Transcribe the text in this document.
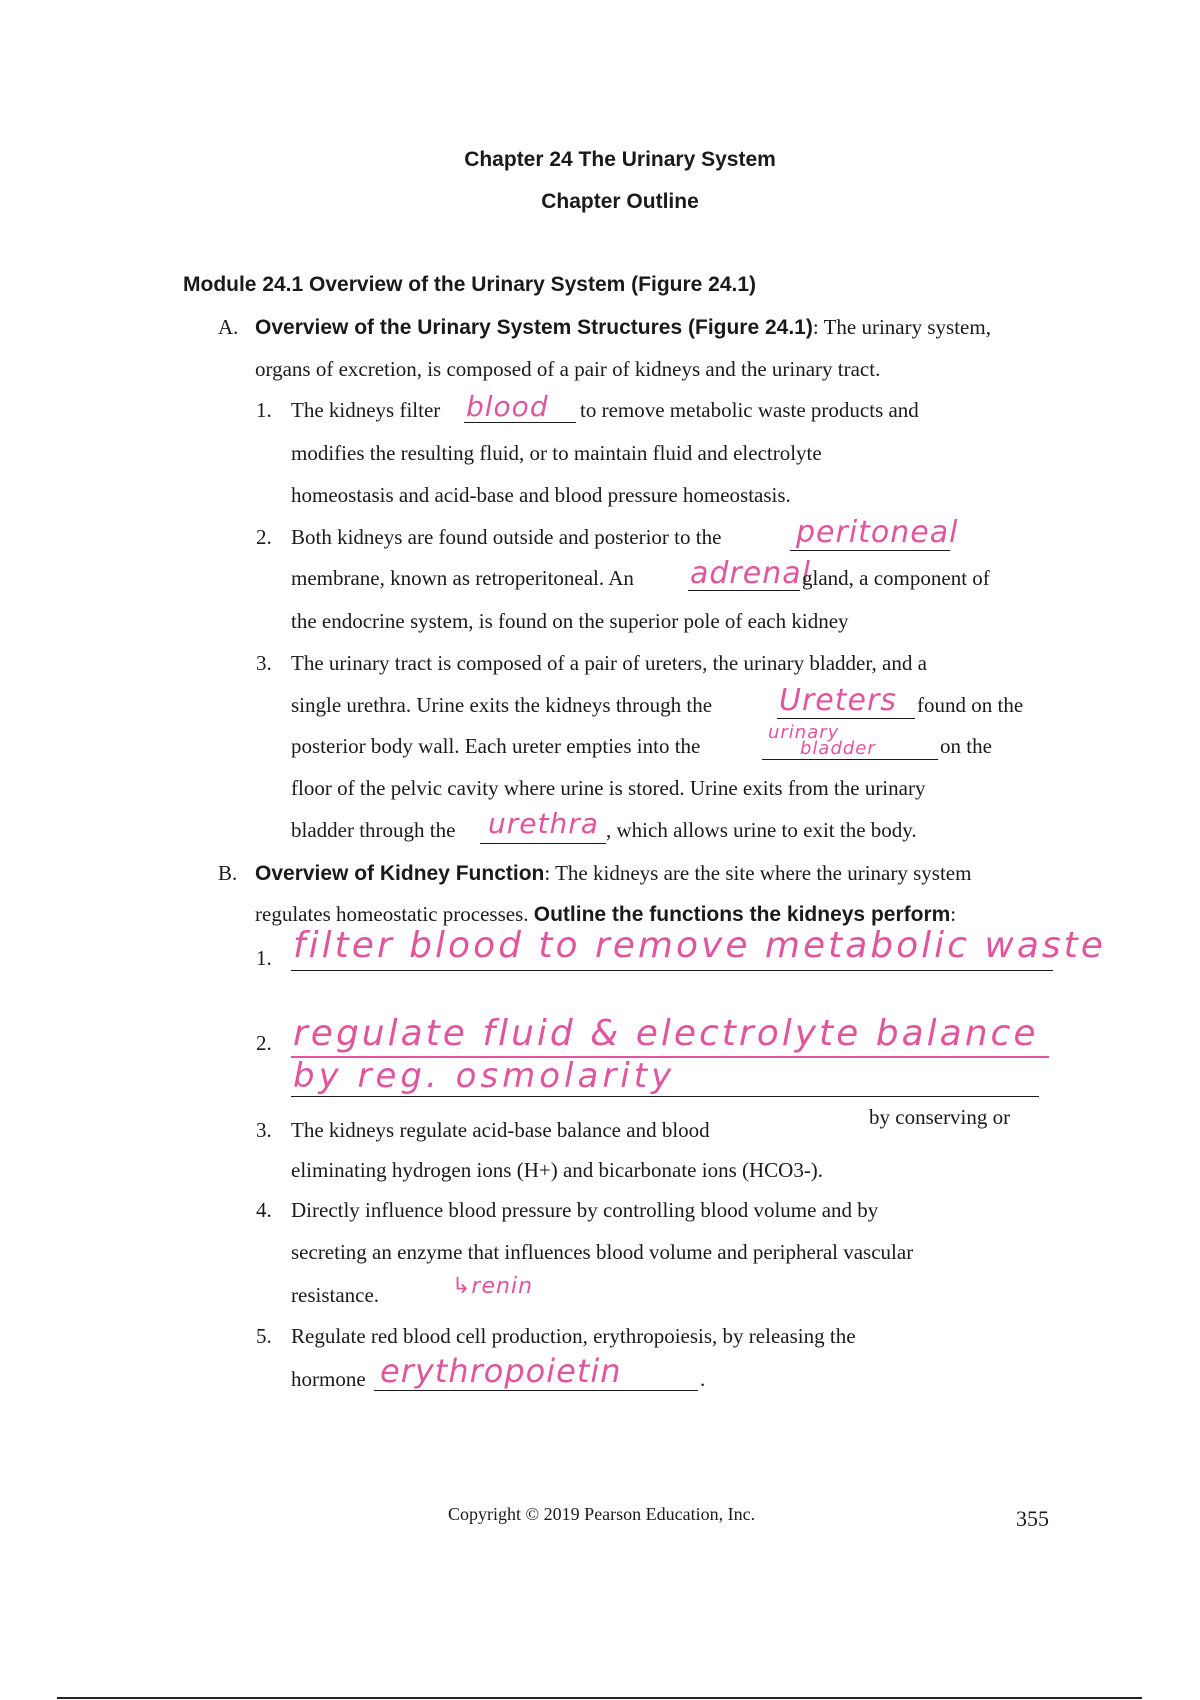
Chapter 24 The Urinary System
Chapter Outline
Module 24.1 Overview of the Urinary System (Figure 24.1)
A. Overview of the Urinary System Structures (Figure 24.1): The urinary system,
organs of excretion, is composed of a pair of kidneys and the urinary tract.
1. The kidneys filter blood to remove metabolic waste products and
modifies the resulting fluid, or to maintain fluid and electrolyte
homeostasis and acid-base and blood pressure homeostasis.
2. Both kidneys are found outside and posterior to the peritoneal
membrane, known as retroperitoneal. An adrenal
gland, a component of
the endocrine system, is found on the superior pole of each kidney
3. The urinary tract is composed of a pair of ureters, the urinary bladder, and a
single urethra. Urine exits the kidneys through the Ureters found on the
posterior body wall. Each ureter empties into the
urinary
bladder	on the
floor of the pelvic cavity where urine is stored. Urine exits from the urinary
bladder through the urethra , which allows urine to exit the body.
B. Overview of Kidney Function: The kidneys are the site where the urinary system
regulates homeostatic processes. Outline the functions the kidneys perform:
1. filter blood to remove metabolic waste
2. regulate fluid & electrolyte balance
by reg. osmolarity
3. The kidneys regulate acid-base balance and blood
by conserving or
eliminating hydrogen ions (H+) and bicarbonate ions (HCO3-).
4. Directly influence blood pressure by controlling blood volume and by
secreting an enzyme that influences blood volume and peripheral vascular
resistance.	↳renin
5. Regulate red blood cell production, erythropoiesis, by releasing the
hormone erythropoietin	.
Copyright © 2019 Pearson Education, Inc.	355
